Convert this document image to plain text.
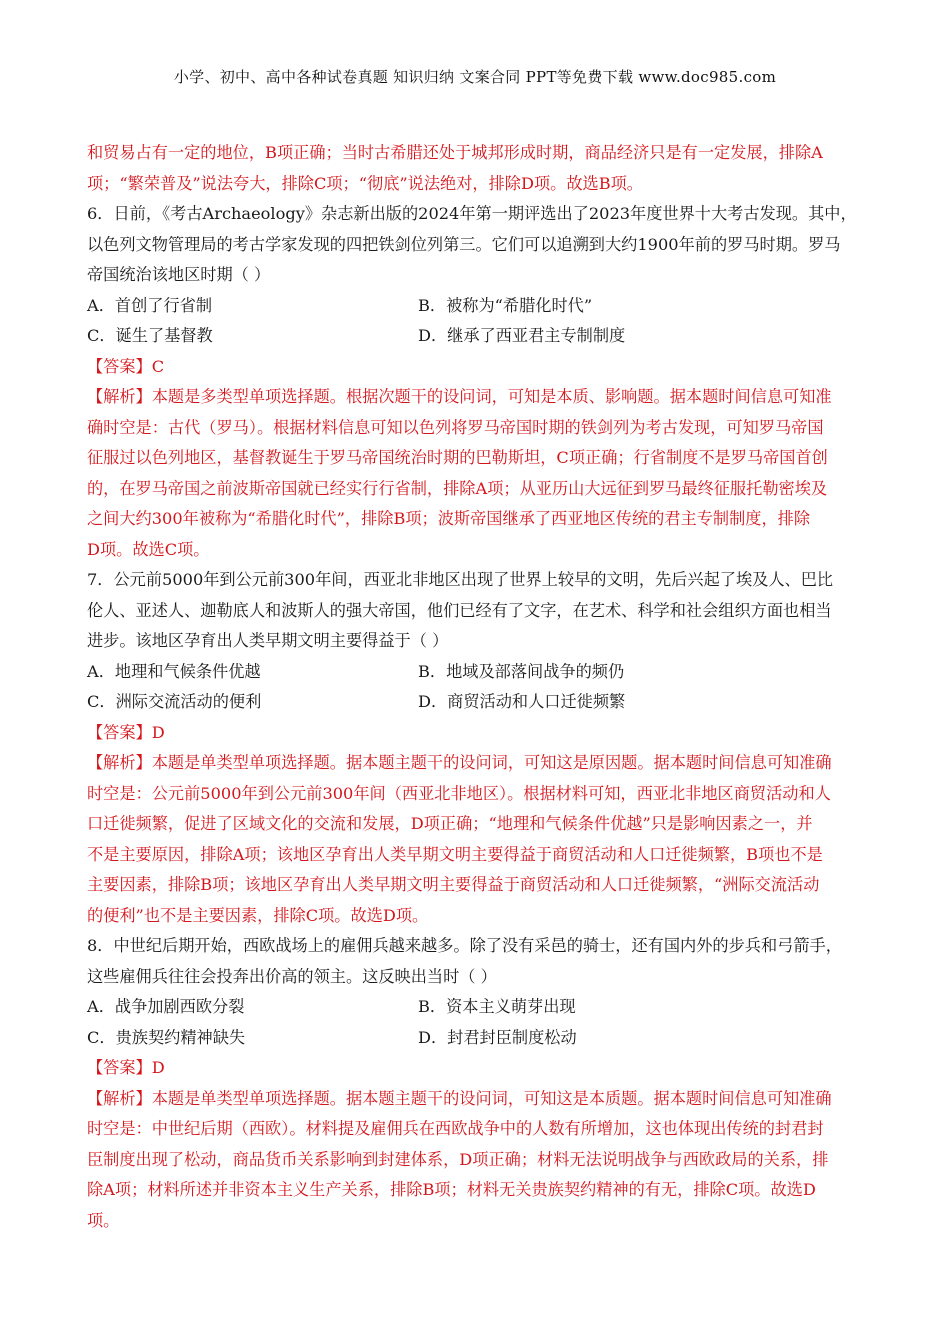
小学、初中、高中各种试卷真题 知识归纳 文案合同 PPT等免费下载 www.doc985.com
和贸易占有一定的地位，B项正确；当时古希腊还处于城邦形成时期，商品经济只是有一定发展，排除A
项；“繁荣普及”说法夸大，排除C项；“彻底”说法绝对，排除D项。故选B项。
6．日前，《考古Archaeology》杂志新出版的2024年第一期评选出了2023年度世界十大考古发现。其中，
以色列文物管理局的考古学家发现的四把铁剑位列第三。它们可以追溯到大约1900年前的罗马时期。罗马
帝国统治该地区时期（ ）
A．首创了行省制	B．被称为“希腊化时代”
C．诞生了基督教	D．继承了西亚君主专制制度
【答案】C
【解析】本题是多类型单项选择题。根据次题干的设问词，可知是本质、影响题。据本题时间信息可知准
确时空是：古代（罗马）。根据材料信息可知以色列将罗马帝国时期的铁剑列为考古发现，可知罗马帝国
征服过以色列地区，基督教诞生于罗马帝国统治时期的巴勒斯坦，C项正确；行省制度不是罗马帝国首创
的，在罗马帝国之前波斯帝国就已经实行行省制，排除A项；从亚历山大远征到罗马最终征服托勒密埃及
之间大约300年被称为“希腊化时代”，排除B项；波斯帝国继承了西亚地区传统的君主专制制度，排除
D项。故选C项。
7．公元前5000年到公元前300年间，西亚北非地区出现了世界上较早的文明，先后兴起了埃及人、巴比
伦人、亚述人、迦勒底人和波斯人的强大帝国，他们已经有了文字，在艺术、科学和社会组织方面也相当
进步。该地区孕育出人类早期文明主要得益于（ ）
A．地理和气候条件优越	B．地域及部落间战争的频仍
C．洲际交流活动的便利	D．商贸活动和人口迁徙频繁
【答案】D
【解析】本题是单类型单项选择题。据本题主题干的设问词，可知这是原因题。据本题时间信息可知准确
时空是：公元前5000年到公元前300年间（西亚北非地区）。根据材料可知，西亚北非地区商贸活动和人
口迁徙频繁，促进了区域文化的交流和发展，D项正确；“地理和气候条件优越”只是影响因素之一，并
不是主要原因，排除A项；该地区孕育出人类早期文明主要得益于商贸活动和人口迁徙频繁，B项也不是
主要因素，排除B项；该地区孕育出人类早期文明主要得益于商贸活动和人口迁徙频繁，“洲际交流活动
的便利”也不是主要因素，排除C项。故选D项。
8．中世纪后期开始，西欧战场上的雇佣兵越来越多。除了没有采邑的骑士，还有国内外的步兵和弓箭手，
这些雇佣兵往往会投奔出价高的领主。这反映出当时（ ）
A．战争加剧西欧分裂	B．资本主义萌芽出现
C．贵族契约精神缺失	D．封君封臣制度松动
【答案】D
【解析】本题是单类型单项选择题。据本题主题干的设问词，可知这是本质题。据本题时间信息可知准确
时空是：中世纪后期（西欧）。材料提及雇佣兵在西欧战争中的人数有所增加，这也体现出传统的封君封
臣制度出现了松动，商品货币关系影响到封建体系，D项正确；材料无法说明战争与西欧政局的关系，排
除A项；材料所述并非资本主义生产关系，排除B项；材料无关贵族契约精神的有无，排除C项。故选D
项。
